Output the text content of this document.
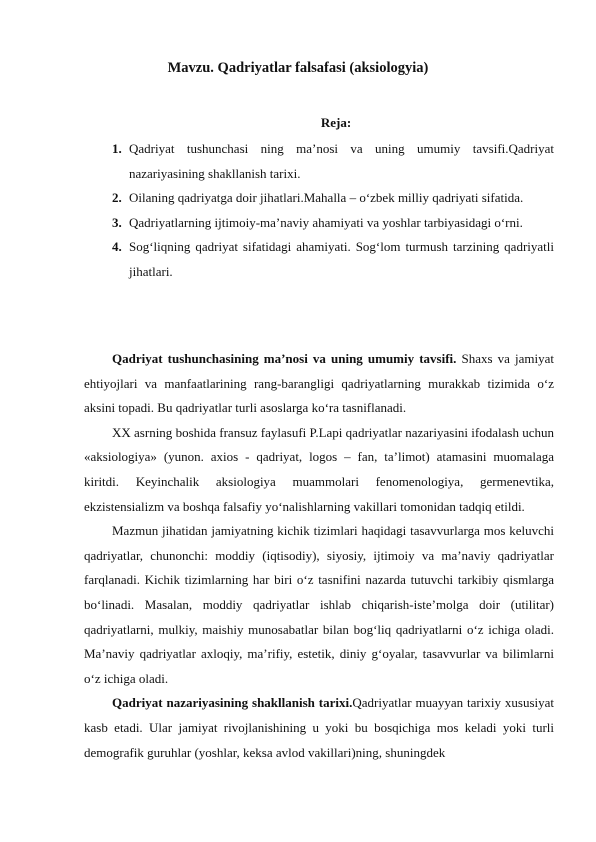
Mavzu. Qadriyatlar falsafasi (aksiologyia)
Reja:
1. Qadriyat tushunchasi ning ma’nosi va uning umumiy tavsifi.Qadriyat nazariyasining shakllanish tarixi.
2. Oilaning qadriyatga doir jihatlari.Mahalla – o‘zbek milliy qadriyati sifatida.
3. Qadriyatlarning ijtimoiy-ma’naviy ahamiyati va yoshlar tarbiyasidagi o‘rni.
4. Sog‘liqning qadriyat sifatidagi ahamiyati. Sog‘lom turmush tarzining qadriyatli jihatlari.

Qadriyat tushunchasining ma’nosi va uning umumiy tavsifi. Shaxs va jamiyat ehtiyojlari va manfaatlarining rang-barangligi qadriyatlarning murakkab tizimida o‘z aksini topadi. Bu qadriyatlar turli asoslarga ko‘ra tasniflanadi.

XX asrning boshida fransuz faylasufi P.Lapi qadriyatlar nazariyasini ifodalash uchun «aksiologiya» (yunon. axios - qadriyat, logos – fan, ta’limot) atamasini muomalaga kiritdi. Keyinchalik aksiologiya muammolari fenomenologiya, germenevtika, ekzistensializm va boshqa falsafiy yo‘nalishlarning vakillari tomonidan tadqiq etildi.

Mazmun jihatidan jamiyatning kichik tizimlari haqidagi tasavvurlarga mos keluvchi qadriyatlar, chunonchi: moddiy (iqtisodiy), siyosiy, ijtimoiy va ma’naviy qadriyatlar farqlanadi. Kichik tizimlarning har biri o‘z tasnifini nazarda tutuvchi tarkibiy qismlarga bo‘linadi. Masalan, moddiy qadriyatlar ishlab chiqarish-iste’molga doir (utilitar) qadriyatlarni, mulkiy, maishiy munosabatlar bilan bog‘liq qadriyatlarni o‘z ichiga oladi. Ma’naviy qadriyatlar axloqiy, ma’rifiy, estetik, diniy g‘oyalar, tasavvurlar va bilimlarni o‘z ichiga oladi.

Qadriyat nazariyasining shakllanish tarixi.Qadriyatlar muayyan tarixiy xususiyat kasb etadi. Ular jamiyat rivojlanishining u yoki bu bosqichiga mos keladi yoki turli demografik guruhlar (yoshlar, keksa avlod vakillari)ning, shuningdek
